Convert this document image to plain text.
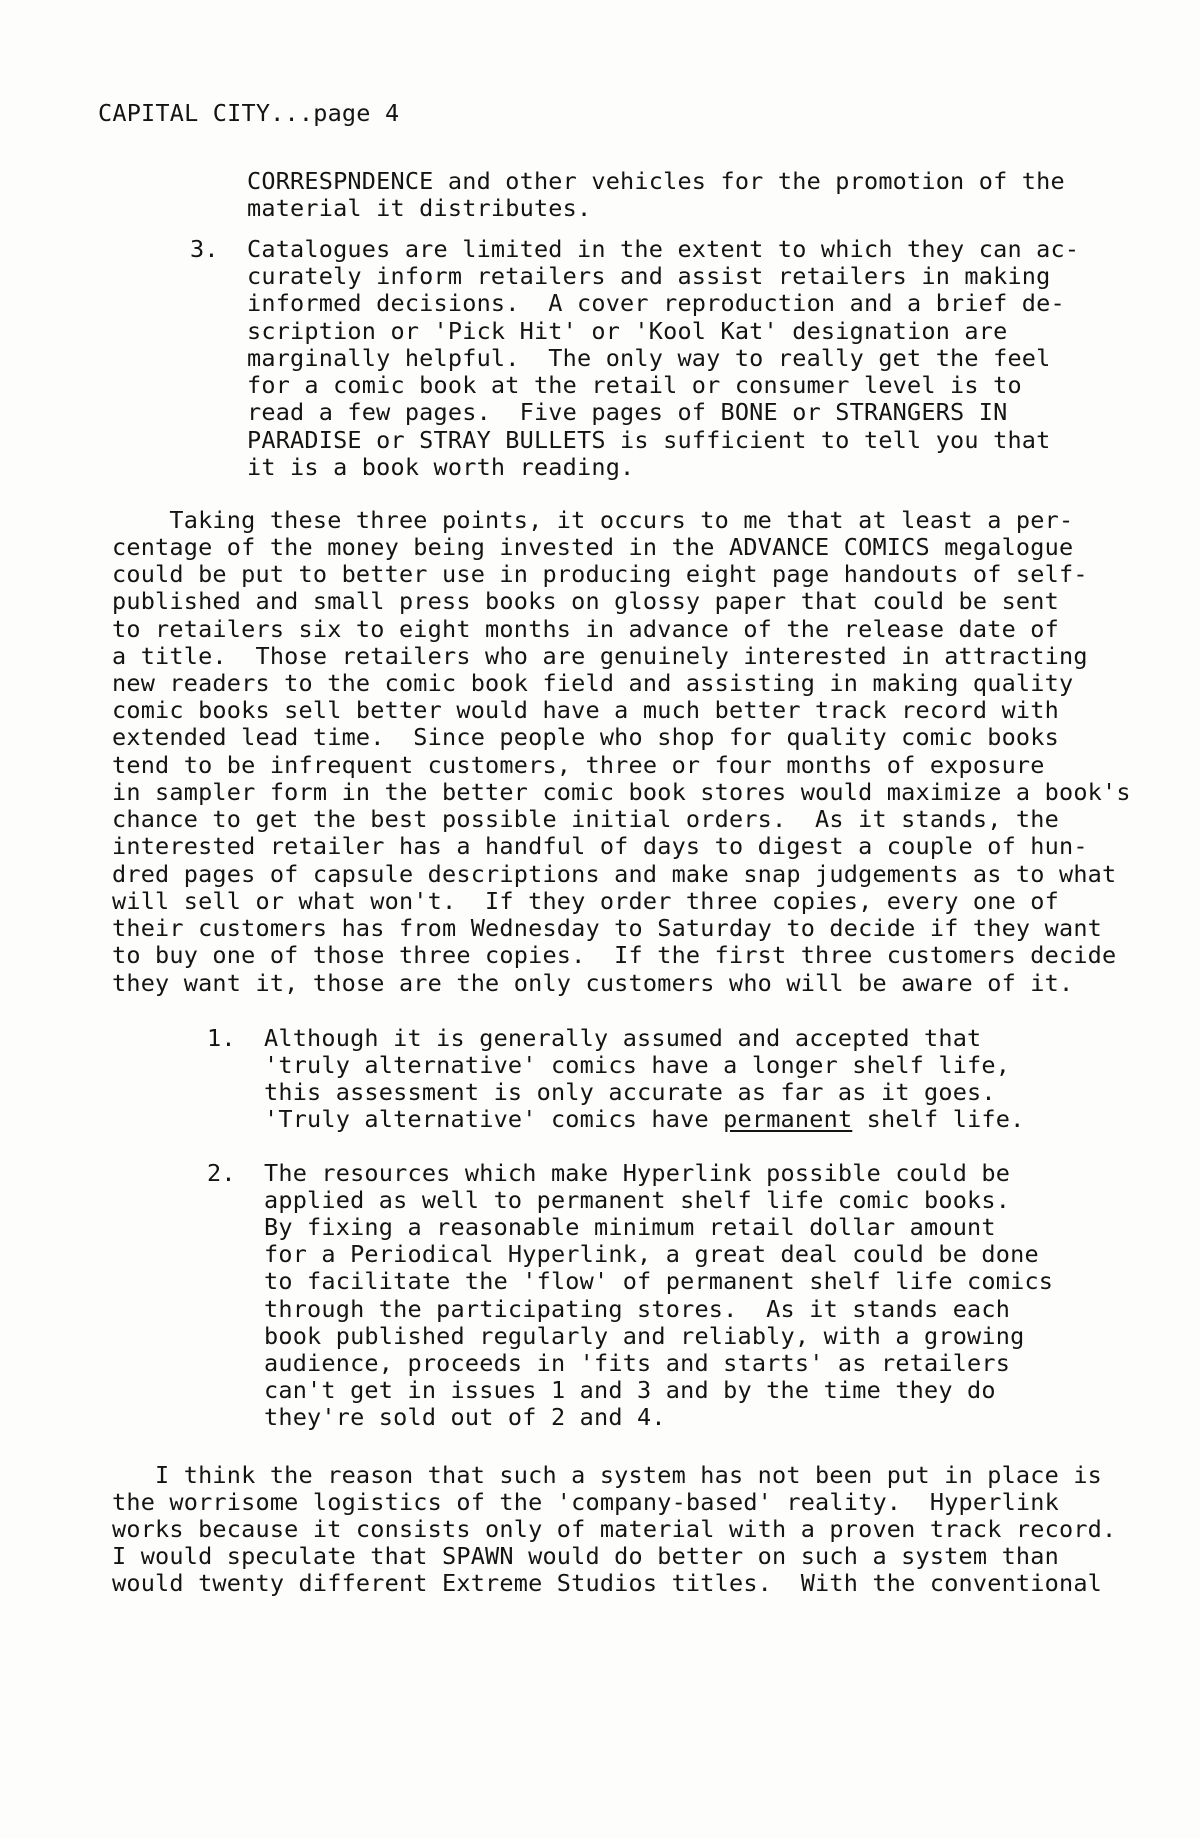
CAPITAL CITY...page 4
CORRESPNDENCE and other vehicles for the promotion of the
material it distributes.
3. Catalogues are limited in the extent to which they can ac-
curately inform retailers and assist retailers in making
informed decisions.  A cover reproduction and a brief de-
scription or 'Pick Hit' or 'Kool Kat' designation are
marginally helpful.  The only way to really get the feel
for a comic book at the retail or consumer level is to
read a few pages.  Five pages of BONE or STRANGERS IN
PARADISE or STRAY BULLETS is sufficient to tell you that
it is a book worth reading.
Taking these three points, it occurs to me that at least a per-
centage of the money being invested in the ADVANCE COMICS megalogue
could be put to better use in producing eight page handouts of self-
published and small press books on glossy paper that could be sent
to retailers six to eight months in advance of the release date of
a title.  Those retailers who are genuinely interested in attracting
new readers to the comic book field and assisting in making quality
comic books sell better would have a much better track record with
extended lead time.  Since people who shop for quality comic books
tend to be infrequent customers, three or four months of exposure
in sampler form in the better comic book stores would maximize a book's
chance to get the best possible initial orders.  As it stands, the
interested retailer has a handful of days to digest a couple of hun-
dred pages of capsule descriptions and make snap judgements as to what
will sell or what won't.  If they order three copies, every one of
their customers has from Wednesday to Saturday to decide if they want
to buy one of those three copies.  If the first three customers decide
they want it, those are the only customers who will be aware of it.
1. Although it is generally assumed and accepted that
'truly alternative' comics have a longer shelf life,
this assessment is only accurate as far as it goes.
'Truly alternative' comics have permanent shelf life.
2. The resources which make Hyperlink possible could be
applied as well to permanent shelf life comic books.
By fixing a reasonable minimum retail dollar amount
for a Periodical Hyperlink, a great deal could be done
to facilitate the 'flow' of permanent shelf life comics
through the participating stores.  As it stands each
book published regularly and reliably, with a growing
audience, proceeds in 'fits and starts' as retailers
can't get in issues 1 and 3 and by the time they do
they're sold out of 2 and 4.
I think the reason that such a system has not been put in place is
the worrisome logistics of the 'company-based' reality.  Hyperlink
works because it consists only of material with a proven track record.
I would speculate that SPAWN would do better on such a system than
would twenty different Extreme Studios titles.  With the conventional
